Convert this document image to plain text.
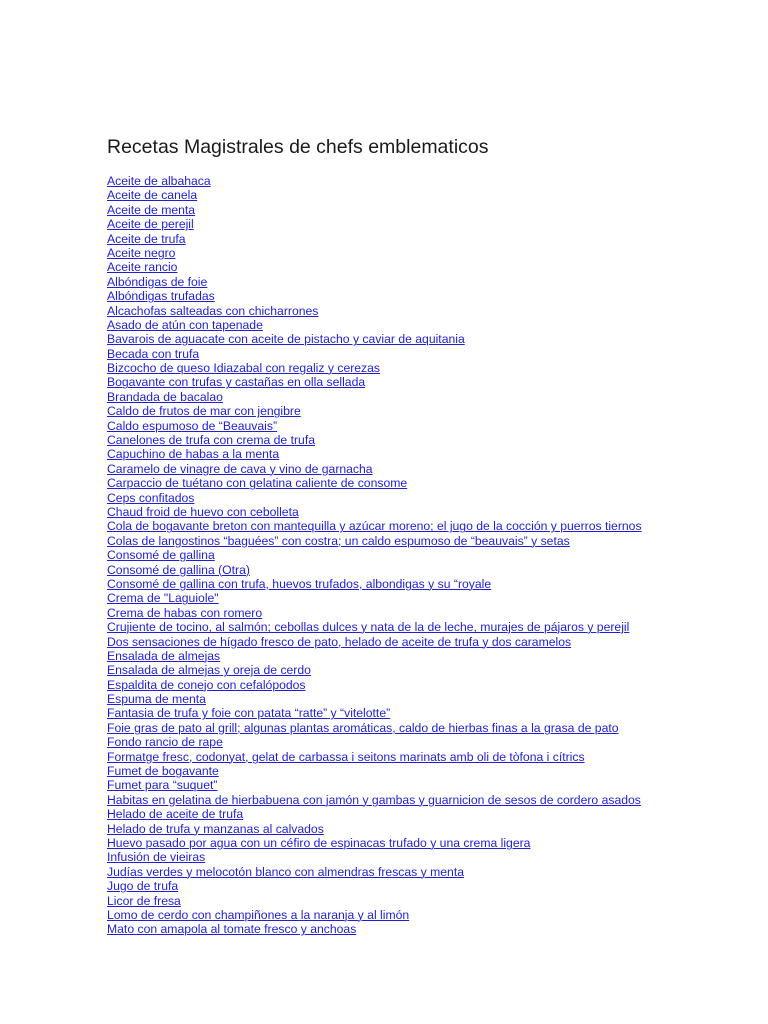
Recetas Magistrales de chefs emblematicos
Aceite de albahaca
Aceite de canela
Aceite de menta
Aceite de perejil
Aceite de trufa
Aceite negro
Aceite rancio
Albóndigas de foie
Albóndigas trufadas
Alcachofas salteadas con chicharrones
Asado de atún con tapenade
Bavarois de aguacate con aceite de pistacho y caviar de aquitania
Becada con trufa
Bizcocho de queso Idiazabal con regaliz y cerezas
Bogavante con trufas y castañas en olla sellada
Brandada de bacalao
Caldo de frutos de mar con jengibre
Caldo espumoso de “Beauvais”
Canelones de trufa con crema de trufa
Capuchino de habas a la menta
Caramelo de vinagre de cava y vino de garnacha
Carpaccio de tuétano con gelatina caliente de consome
Ceps confitados
Chaud froid de huevo con cebolleta
Cola de bogavante breton con mantequilla y azúcar moreno; el jugo de la cocción y puerros tiernos
Colas de langostinos “baguées” con costra; un caldo espumoso de “beauvais” y setas
Consomé de gallina
Consomé de gallina (Otra)
Consomé de gallina con trufa, huevos trufados, albondigas y su “royale
Crema de "Laguiole"
Crema de habas con romero
Crujiente de tocino, al salmón; cebollas dulces y nata de la de leche, murajes de pájaros y perejil
Dos sensaciones de hígado fresco de pato, helado de aceite de trufa y dos caramelos
Ensalada de almejas
Ensalada de almejas y oreja de cerdo
Espaldita de conejo con cefalópodos
Espuma de menta
Fantasia de trufa y foie con patata “ratte” y “vitelotte”
Foie gras de pato al grill; algunas plantas aromáticas, caldo de hierbas finas a la grasa de pato
Fondo rancio de rape
Formatge fresc, codonyat, gelat de carbassa i seitons marinats amb oli de tòfona i cítrics
Fumet de bogavante
Fumet para “suquet”
Habitas en gelatina de hierbabuena con jamón y gambas y guarnicion de sesos de cordero asados
Helado de aceite de trufa
Helado de trufa y manzanas al calvados
Huevo pasado por agua con un céfiro de espinacas trufado y una crema ligera
Infusión de vieiras
Judías verdes y melocotón blanco con almendras frescas y menta
Jugo de trufa
Licor de fresa
Lomo de cerdo con champiñones a la naranja y al limón
Mato con amapola al tomate fresco y anchoas
